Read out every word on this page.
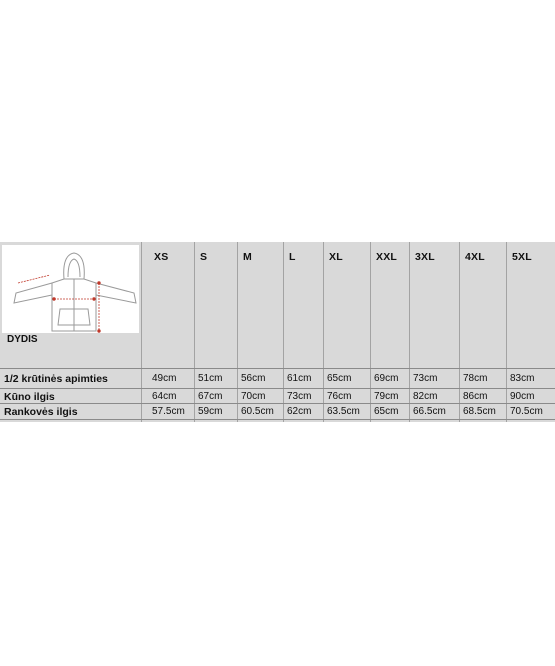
DYDIS
XS	S	M	L	XL	XXL 3XL	4XL	5XL
1/2 krūtinės apimties	49cm 51cm 56cm 61cm 65cm 69cm 73cm	78cm 83cm
Kūno ilgis	64cm 67cm 70cm 73cm 76cm 79cm 82cm	86cm 90cm
Rankovės ilgis	57.5cm 59cm 60.5cm 62cm 63.5cm 65cm 66.5cm 68.5cm 70.5cm
